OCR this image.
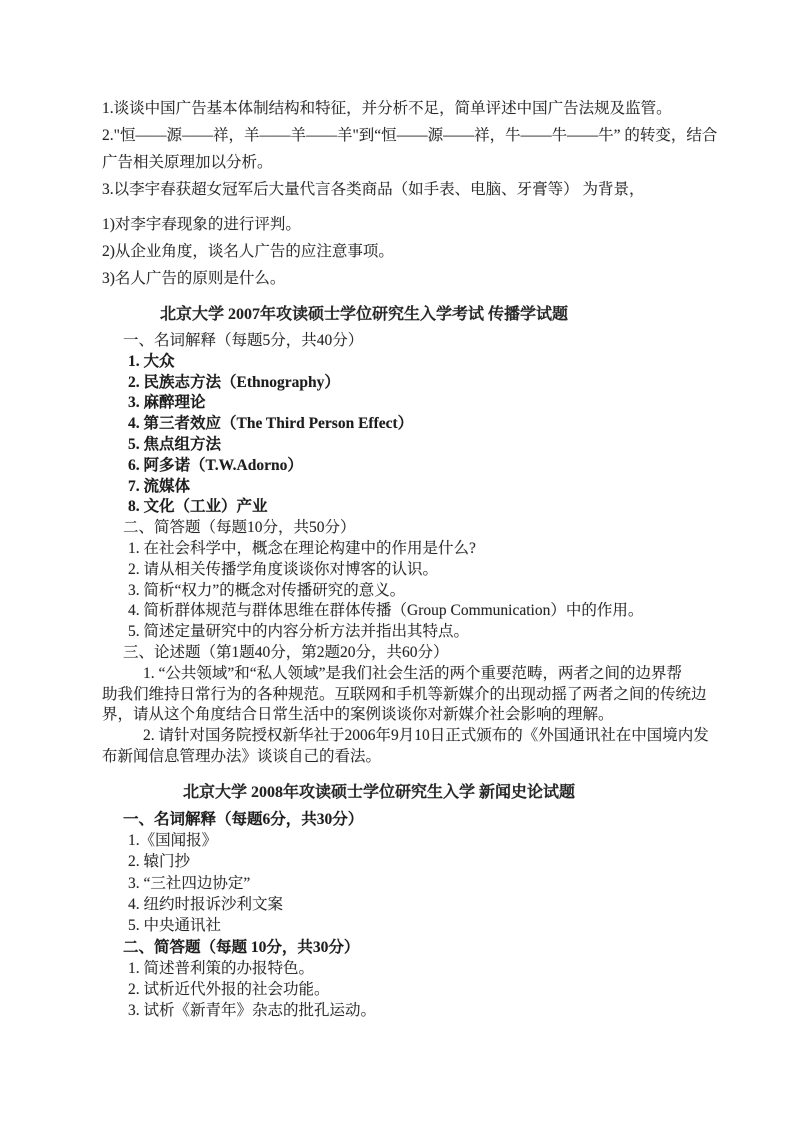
1.谈谈中国广告基本体制结构和特征，并分析不足，简单评述中国广告法规及监管。
2."恒——源——祥，羊——羊——羊"到“恒——源——祥，牛——牛——牛” 的转变，结合
广告相关原理加以分析。
3.以李宇春获超女冠军后大量代言各类商品（如手表、电脑、牙膏等） 为背景，
1)对李宇春现象的进行评判。
2)从企业角度，谈名人广告的应注意事项。
3)名人广告的原则是什么。
北京大学 2007年攻读硕士学位研究生入学考试 传播学试题
一、名词解释（每题5分，共40分）
1. 大众
2. 民族志方法（Ethnography）
3. 麻醉理论
4. 第三者效应（The Third Person Effect）
5. 焦点组方法
6. 阿多诺（T.W.Adorno）
7. 流媒体
8. 文化（工业）产业
二、简答题（每题10分，共50分）
1. 在社会科学中，概念在理论构建中的作用是什么?
2. 请从相关传播学角度谈谈你对博客的认识。
3. 简析“权力”的概念对传播研究的意义。
4. 简析群体规范与群体思维在群体传播（Group Communication）中的作用。
5. 简述定量研究中的内容分析方法并指出其特点。
三、论述题（第1题40分，第2题20分，共60分）
1. “公共领域”和“私人领域”是我们社会生活的两个重要范畴，两者之间的边界帮
助我们维持日常行为的各种规范。互联网和手机等新媒介的出现动摇了两者之间的传统边
界，请从这个角度结合日常生活中的案例谈谈你对新媒介社会影响的理解。
2. 请针对国务院授权新华社于2006年9月10日正式颁布的《外国通讯社在中国境内发
布新闻信息管理办法》谈谈自己的看法。
北京大学 2008年攻读硕士学位研究生入学 新闻史论试题
一、名词解释（每题6分，共30分）
1.《国闻报》
2. 辕门抄
3. “三社四边协定”
4. 纽约时报诉沙利文案
5. 中央通讯社
二、简答题（每题 10分，共30分）
1. 简述普利策的办报特色。
2. 试析近代外报的社会功能。
3. 试析《新青年》杂志的批孔运动。
